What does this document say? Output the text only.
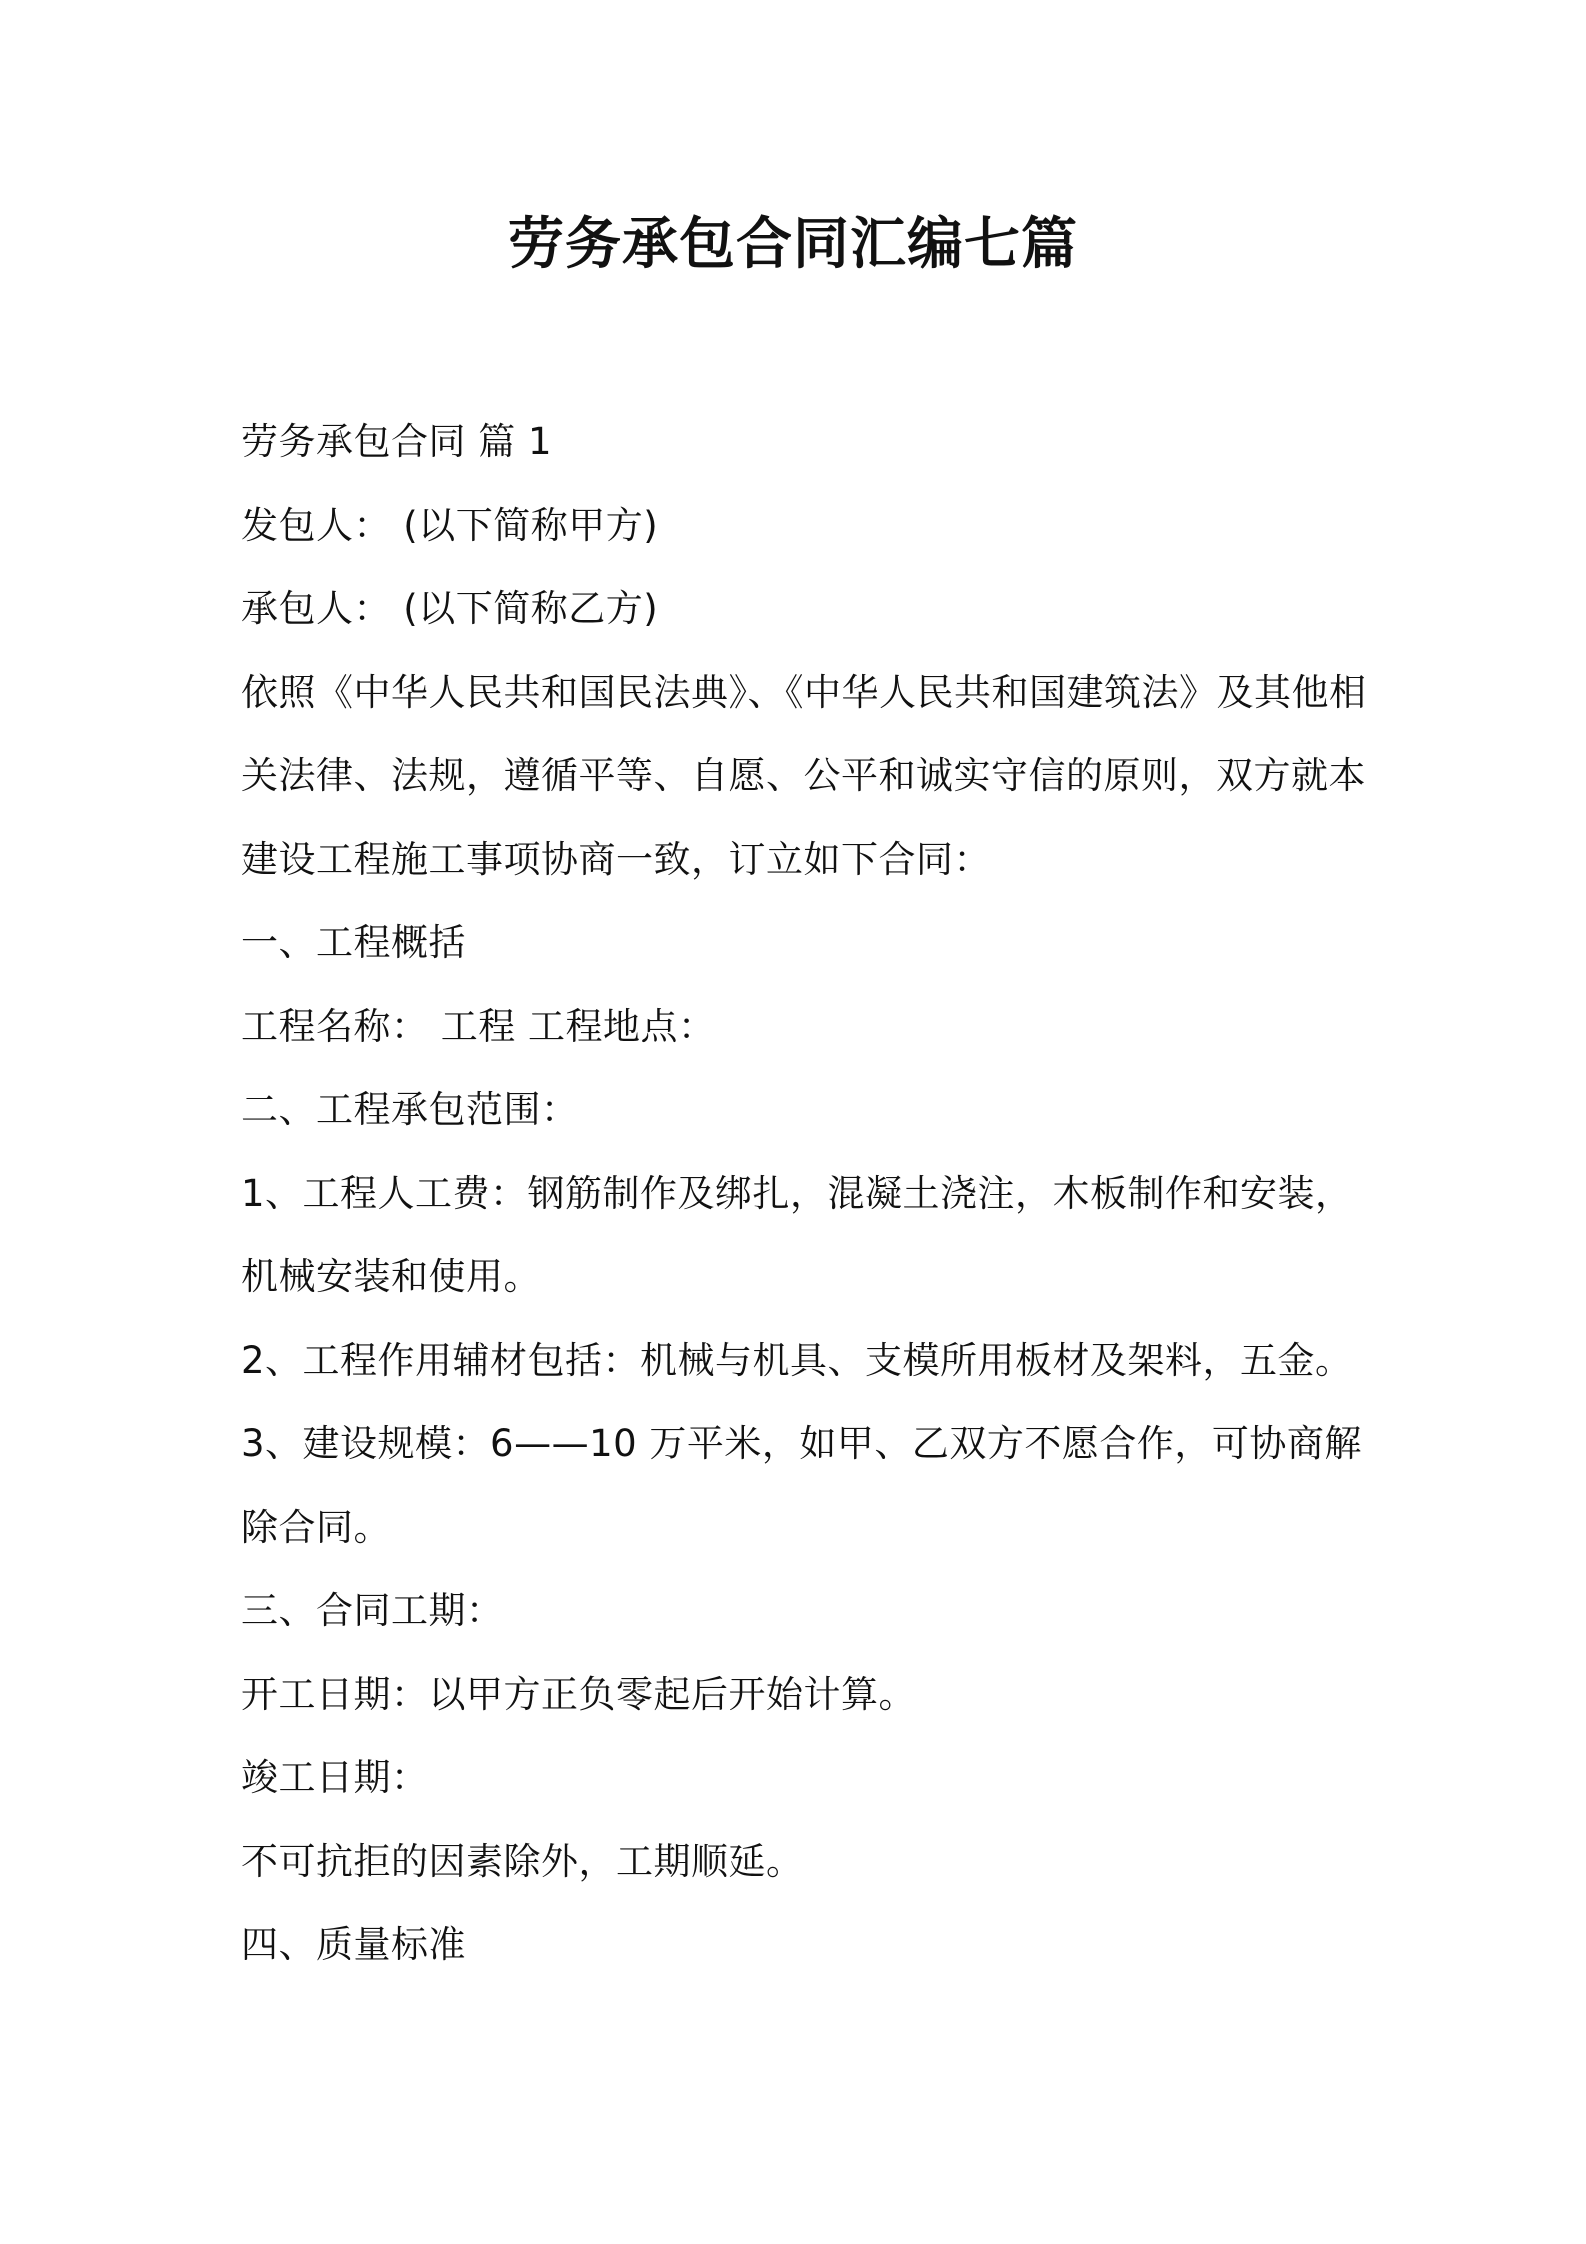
劳务承包合同汇编七篇
劳务承包合同 篇 1
发包人： (以下简称甲方)
承包人： (以下简称乙方)
依照《中华人民共和国民法典》、《中华人民共和国建筑法》及其他相
关法律、法规，遵循平等、自愿、公平和诚实守信的原则，双方就本
建设工程施工事项协商一致，订立如下合同：
一、工程概括
工程名称： 工程 工程地点：
二、工程承包范围：
1、工程人工费：钢筋制作及绑扎，混凝土浇注，木板制作和安装，
机械安装和使用。
2、工程作用辅材包括：机械与机具、支模所用板材及架料，五金。
3、建设规模：6——10 万平米，如甲、乙双方不愿合作，可协商解
除合同。
三、合同工期：
开工日期：以甲方正负零起后开始计算。
竣工日期：
不可抗拒的因素除外，工期顺延。
四、质量标准
